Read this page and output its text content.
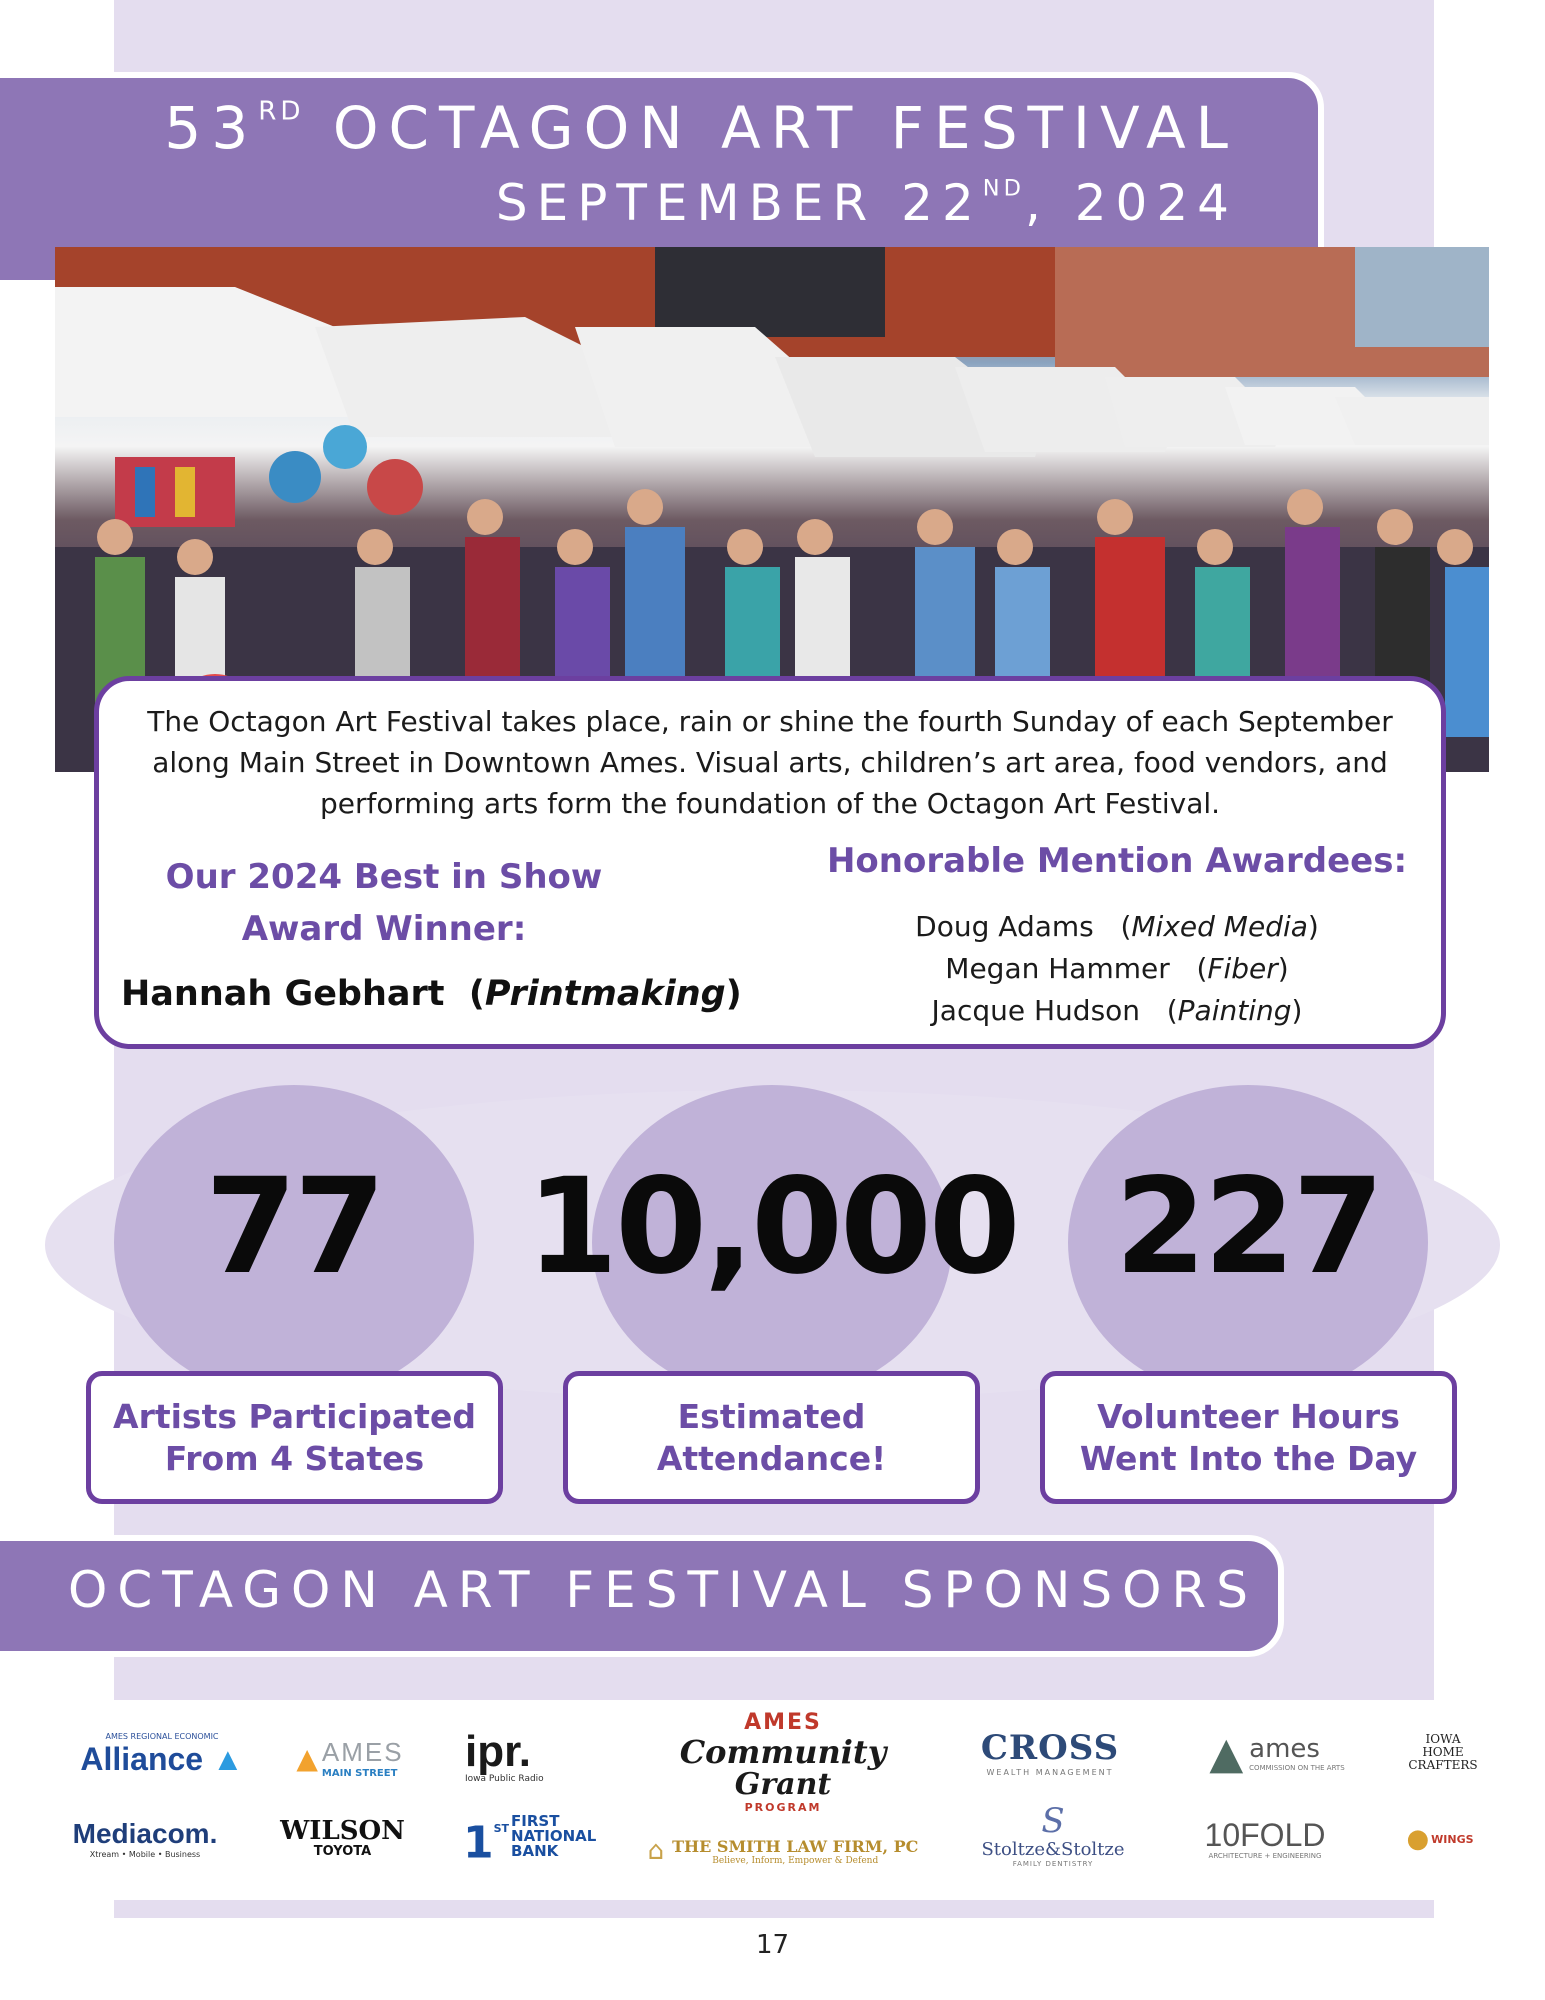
53RD OCTAGON ART FESTIVAL
SEPTEMBER 22ND, 2024
The Octagon Art Festival takes place, rain or shine the fourth Sunday of each September along Main Street in Downtown Ames. Visual arts, children’s art area, food vendors, and performing arts form the foundation of the Octagon Art Festival.
Our 2024 Best in Show
Award Winner:
Hannah Gebhart  (Printmaking)
Honorable Mention Awardees:
Doug Adams   (Mixed Media)
Megan Hammer   (Fiber)
Jacque Hudson   (Painting)
77	10,000 227
Artists Participated
From 4 States
Estimated
Attendance!
Volunteer Hours
Went Into the Day
OCTAGON ART FESTIVAL SPONSORS
AMES REGIONAL ECONOMIC
Alliance ▲ ▲ AMES
MAIN STREET ipr.
Iowa Public Radio
AMES
Community
Grant
PROGRAM
CROSS
WEALTH MANAGEMENT ▲ ames
COMMISSION ON THE ARTS
IOWA HOME CRAFTERS
Mediacom.
Xtream • Mobile • Business
WILSON
TOYOTA 1ST FIRST NATIONAL BANK	⌂ THE SMITH LAW FIRM, PC
Believe, Inform, Empower & Defend
S
Stoltze&Stoltze
FAMILY DENTISTRY
10FOLD
ARCHITECTURE + ENGINEERING
● WINGS
17
